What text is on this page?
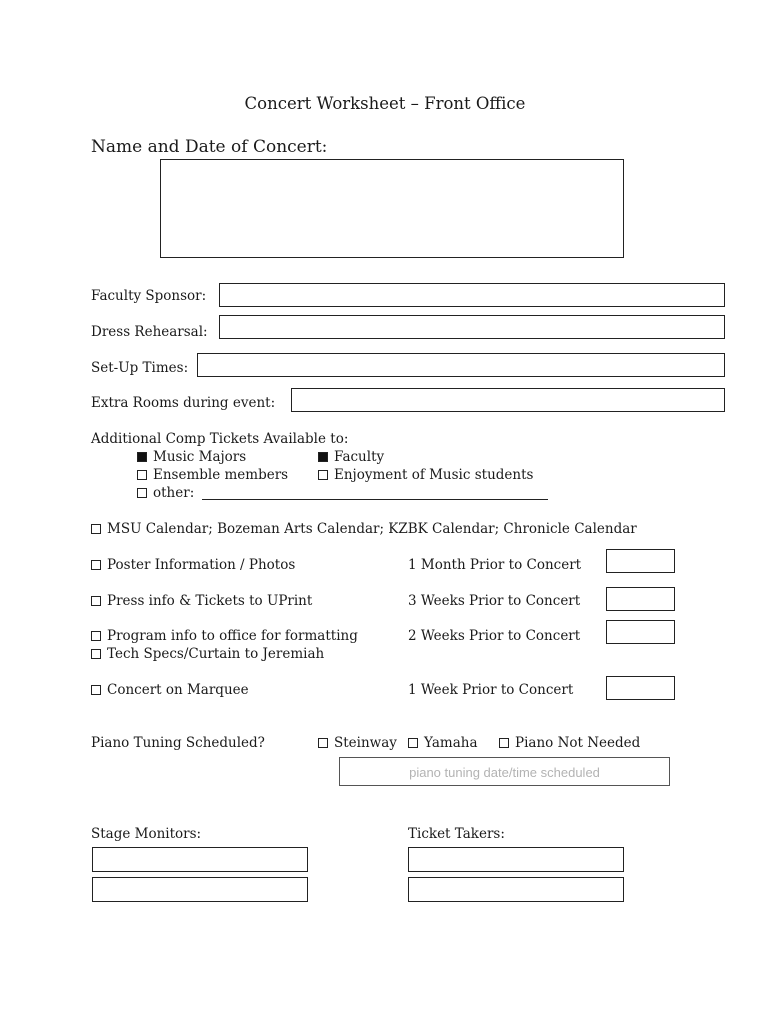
Concert Worksheet – Front Office
Name and Date of Concert:
Faculty Sponsor:
Dress Rehearsal:
Set-Up Times:
Extra Rooms during event:
Additional Comp Tickets Available to:
Music Majors	Faculty
Ensemble members	Enjoyment of Music students
other:
MSU Calendar; Bozeman Arts Calendar; KZBK Calendar; Chronicle Calendar
Poster Information / Photos	1 Month Prior to Concert
Press info & Tickets to UPrint	3 Weeks Prior to Concert
Program info to office for formatting	2 Weeks Prior to Concert
Tech Specs/Curtain to Jeremiah
Concert on Marquee	1 Week Prior to Concert
Piano Tuning Scheduled?	Steinway	Yamaha	Piano Not Needed
piano tuning date/time scheduled
Stage Monitors:	Ticket Takers:
